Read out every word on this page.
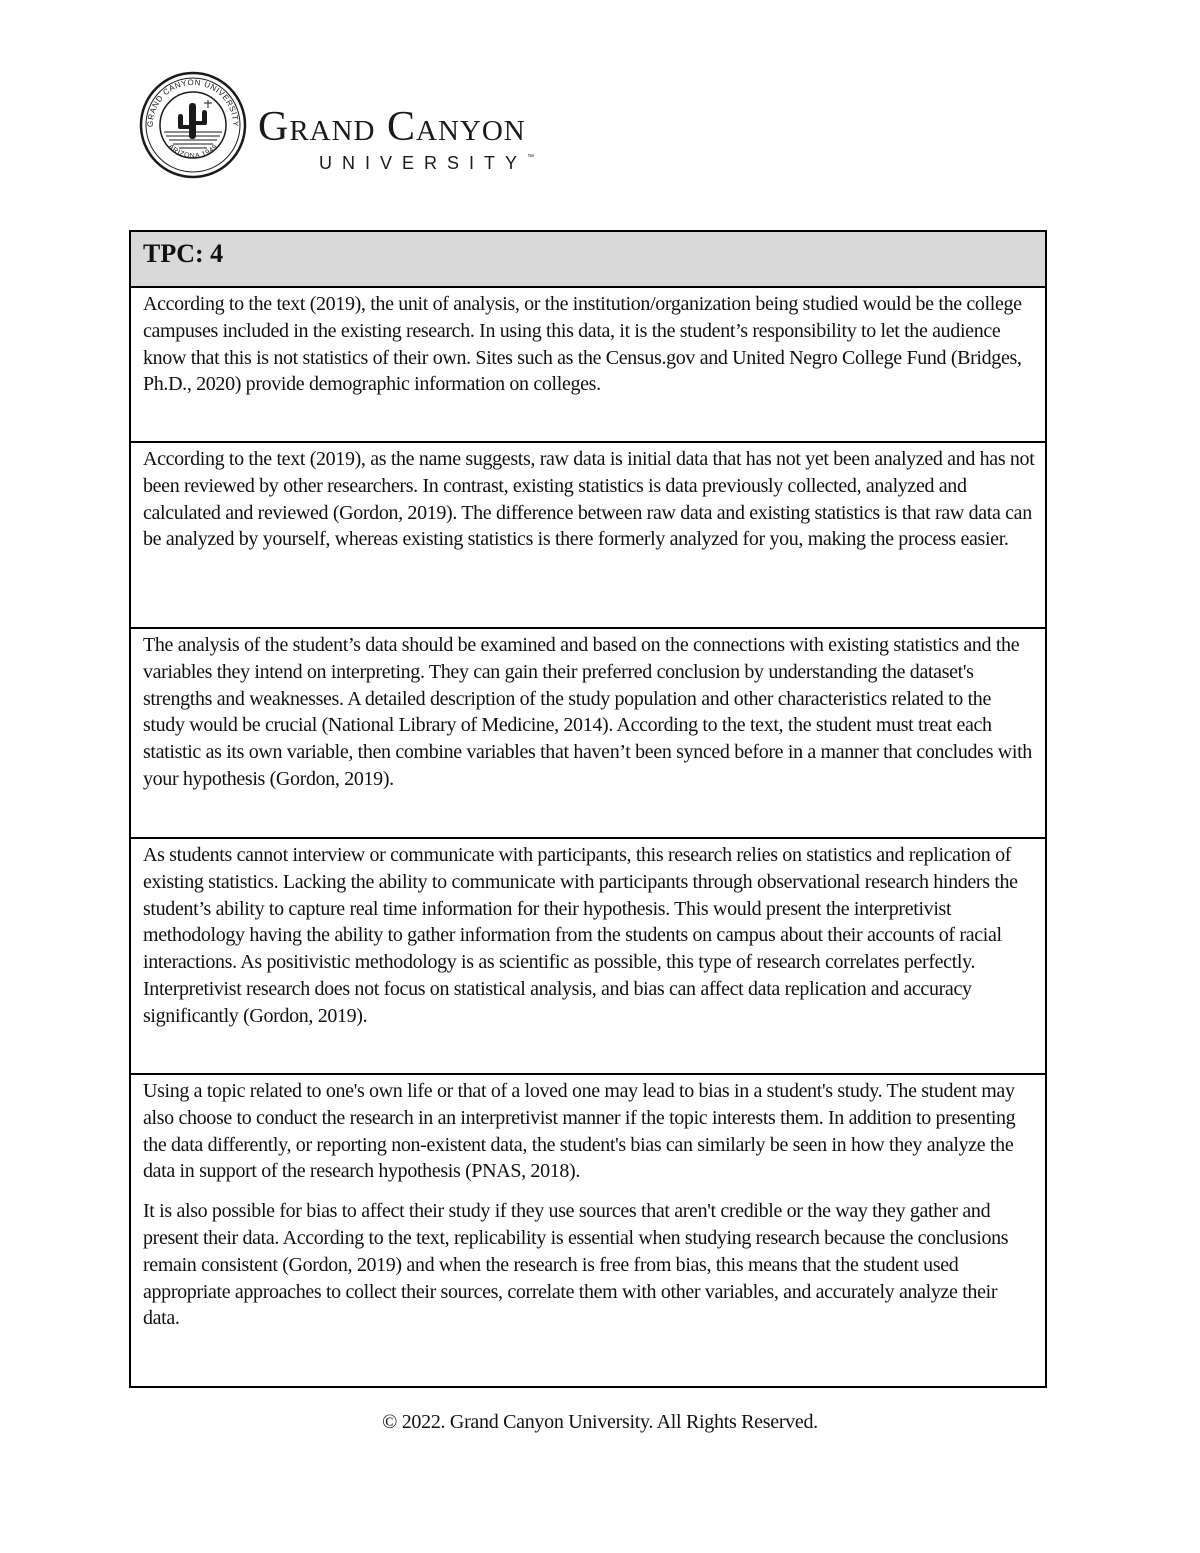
GRAND CANYON UNIVERSITY
ARIZONA 1949 Grand Canyon
UNIVERSITY™
TPC: 4

According to the text (2019), the unit of analysis, or the institution/organization being studied would be the college campuses included in the existing research. In using this data, it is the student’s responsibility to let the audience know that this is not statistics of their own. Sites such as the Census.gov and United Negro College Fund (Bridges, Ph.D., 2020) provide demographic information on colleges.

According to the text (2019), as the name suggests, raw data is initial data that has not yet been analyzed and has not been reviewed by other researchers. In contrast, existing statistics is data previously collected, analyzed and calculated and reviewed (Gordon, 2019). The difference between raw data and existing statistics is that raw data can be analyzed by yourself, whereas existing statistics is there formerly analyzed for you, making the process easier.

The analysis of the student’s data should be examined and based on the connections with existing statistics and the variables they intend on interpreting. They can gain their preferred conclusion by understanding the dataset's strengths and weaknesses. A detailed description of the study population and other characteristics related to the study would be crucial (National Library of Medicine, 2014). According to the text, the student must treat each statistic as its own variable, then combine variables that haven’t been synced before in a manner that concludes with your hypothesis (Gordon, 2019).

As students cannot interview or communicate with participants, this research relies on statistics and replication of existing statistics. Lacking the ability to communicate with participants through observational research hinders the student’s ability to capture real time information for their hypothesis. This would present the interpretivist methodology having the ability to gather information from the students on campus about their accounts of racial interactions. As positivistic methodology is as scientific as possible, this type of research correlates perfectly. Interpretivist research does not focus on statistical analysis, and bias can affect data replication and accuracy significantly (Gordon, 2019).

Using a topic related to one's own life or that of a loved one may lead to bias in a student's study. The student may also choose to conduct the research in an interpretivist manner if the topic interests them. In addition to presenting the data differently, or reporting non-existent data, the student's bias can similarly be seen in how they analyze the data in support of the research hypothesis (PNAS, 2018).

It is also possible for bias to affect their study if they use sources that aren't credible or the way they gather and present their data. According to the text, replicability is essential when studying research because the conclusions remain consistent (Gordon, 2019) and when the research is free from bias, this means that the student used appropriate approaches to collect their sources, correlate them with other variables, and accurately analyze their data.

© 2022. Grand Canyon University. All Rights Reserved.
